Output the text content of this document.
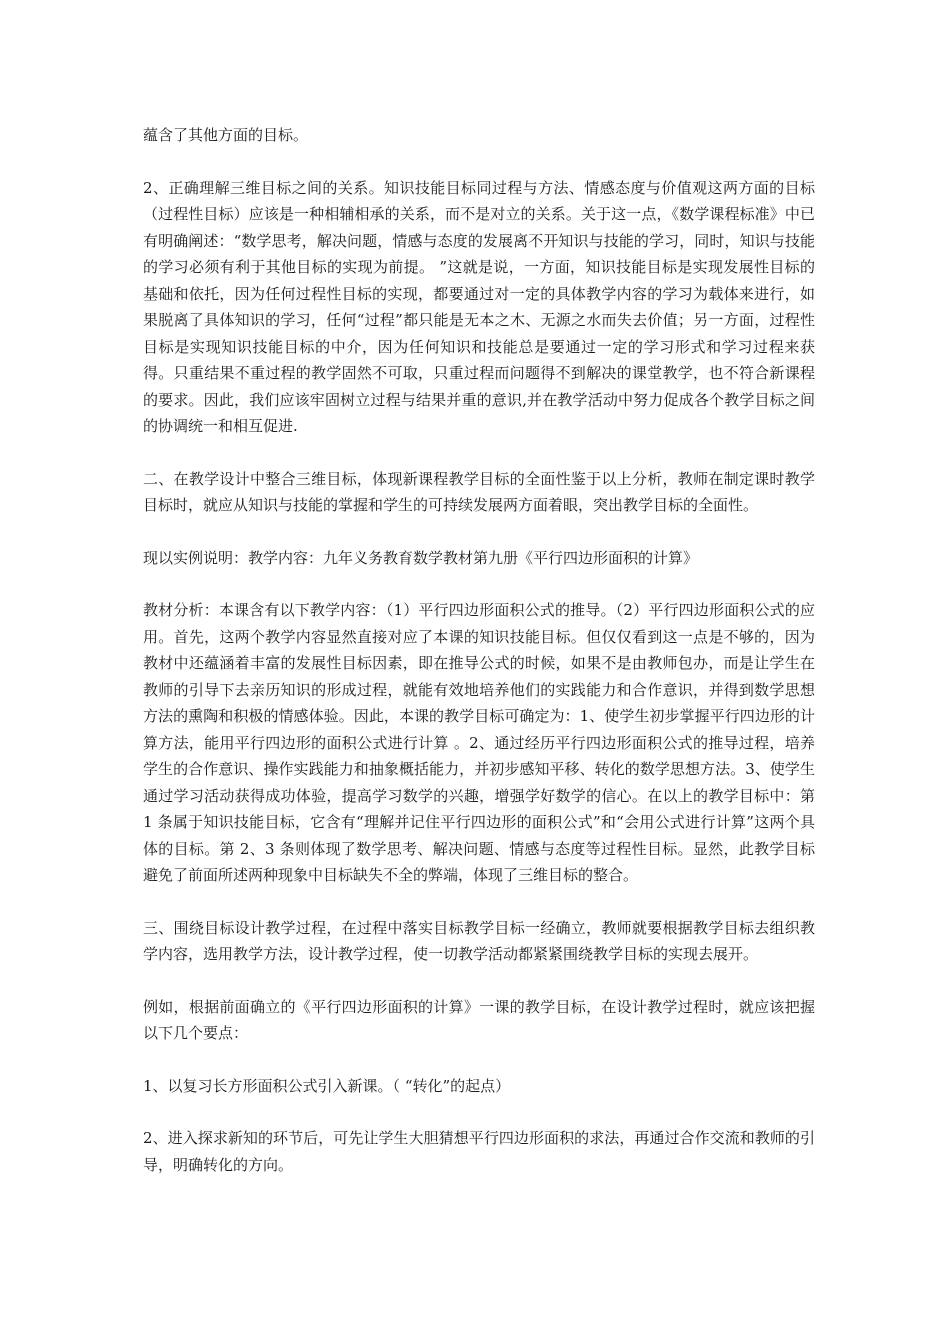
蕴含了其他方面的目标。

2、正确理解三维目标之间的关系。知识技能目标同过程与方法、情感态度与价值观这两方面的目标（过程性目标）应该是一种相辅相承的关系，而不是对立的关系。关于这一点，《数学课程标准》中已有明确阐述：“数学思考，解决问题，情感与态度的发展离不开知识与技能的学习，同时，知识与技能的学习必须有利于其他目标的实现为前提。 ”这就是说，一方面，知识技能目标是实现发展性目标的基础和依托，因为任何过程性目标的实现，都要通过对一定的具体教学内容的学习为载体来进行，如果脱离了具体知识的学习，任何“过程”都只能是无本之木、无源之水而失去价值；另一方面，过程性目标是实现知识技能目标的中介，因为任何知识和技能总是要通过一定的学习形式和学习过程来获得。只重结果不重过程的教学固然不可取，只重过程而问题得不到解决的课堂教学，也不符合新课程的要求。因此，我们应该牢固树立过程与结果并重的意识,并在教学活动中努力促成各个教学目标之间的协调统一和相互促进.

二、在教学设计中整合三维目标，体现新课程教学目标的全面性鉴于以上分析，教师在制定课时教学目标时，就应从知识与技能的掌握和学生的可持续发展两方面着眼，突出教学目标的全面性。

现以实例说明：教学内容：九年义务教育数学教材第九册《平行四边形面积的计算》

教材分析：本课含有以下教学内容：（1）平行四边形面积公式的推导。（2）平行四边形面积公式的应用。首先，这两个教学内容显然直接对应了本课的知识技能目标。但仅仅看到这一点是不够的，因为教材中还蕴涵着丰富的发展性目标因素，即在推导公式的时候，如果不是由教师包办，而是让学生在教师的引导下去亲历知识的形成过程，就能有效地培养他们的实践能力和合作意识，并得到数学思想方法的熏陶和积极的情感体验。因此，本课的教学目标可确定为：1、使学生初步掌握平行四边形的计算方法，能用平行四边形的面积公式进行计算 。2、通过经历平行四边形面积公式的推导过程，培养学生的合作意识、操作实践能力和抽象概括能力，并初步感知平移、转化的数学思想方法。3、使学生通过学习活动获得成功体验，提高学习数学的兴趣，增强学好数学的信心。在以上的教学目标中：第 1 条属于知识技能目标，它含有“理解并记住平行四边形的面积公式”和“会用公式进行计算”这两个具体的目标。第 2、3 条则体现了数学思考、解决问题、情感与态度等过程性目标。显然，此教学目标避免了前面所述两种现象中目标缺失不全的弊端，体现了三维目标的整合。

三、围绕目标设计教学过程，在过程中落实目标教学目标一经确立，教师就要根据教学目标去组织教学内容，选用教学方法，设计教学过程，使一切教学活动都紧紧围绕教学目标的实现去展开。

例如，根据前面确立的《平行四边形面积的计算》一课的教学目标，在设计教学过程时，就应该把握以下几个要点：

1、以复习长方形面积公式引入新课。（ “转化”的起点）

2、进入探求新知的环节后，可先让学生大胆猜想平行四边形面积的求法，再通过合作交流和教师的引导，明确转化的方向。
